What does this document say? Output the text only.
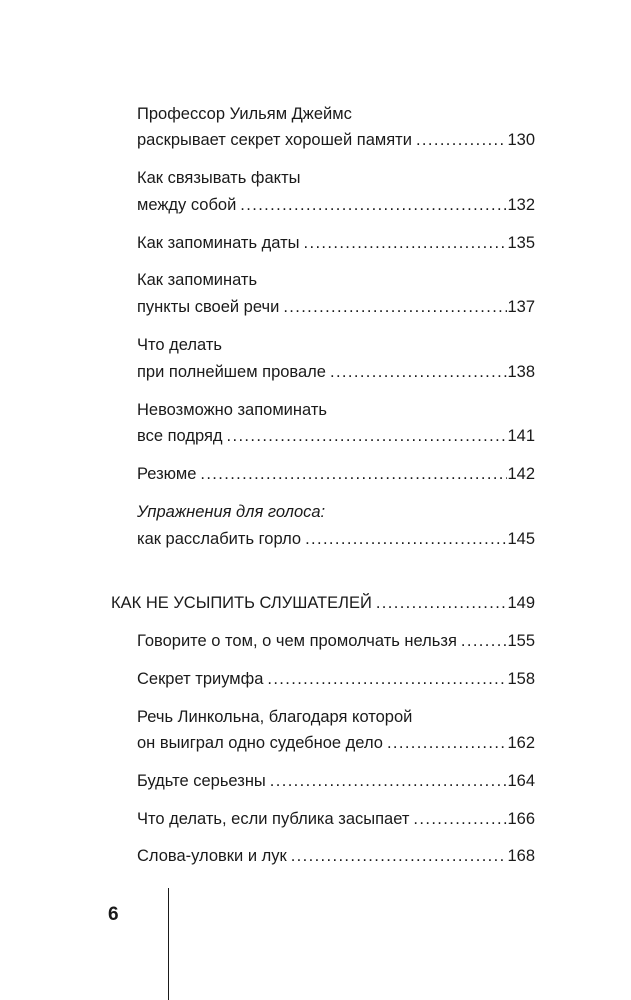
Профессор Уильям Джеймс
раскрывает секрет хорошей памяти . . .	130
Как связывать факты
между собой . . .	132
Как запоминать даты . . .	135
Как запоминать
пункты своей речи . . .	137
Что делать
при полнейшем провале . . .	138
Невозможно запоминать
все подряд . . .	141
Резюме . . .	142
Упражнения для голоса:
как расслабить горло . . .	145
КАК НЕ УСЫПИТЬ СЛУШАТЕЛЕЙ . . .	149
Говорите о том, о чем промолчать нельзя . . .	155
Секрет триумфа . . .	158
Речь Линкольна, благодаря которой
он выиграл одно судебное дело . . .	162
Будьте серьезны . . .	164
Что делать, если публика засыпает . . .	166
Слова-уловки и лук . . .	168
6
